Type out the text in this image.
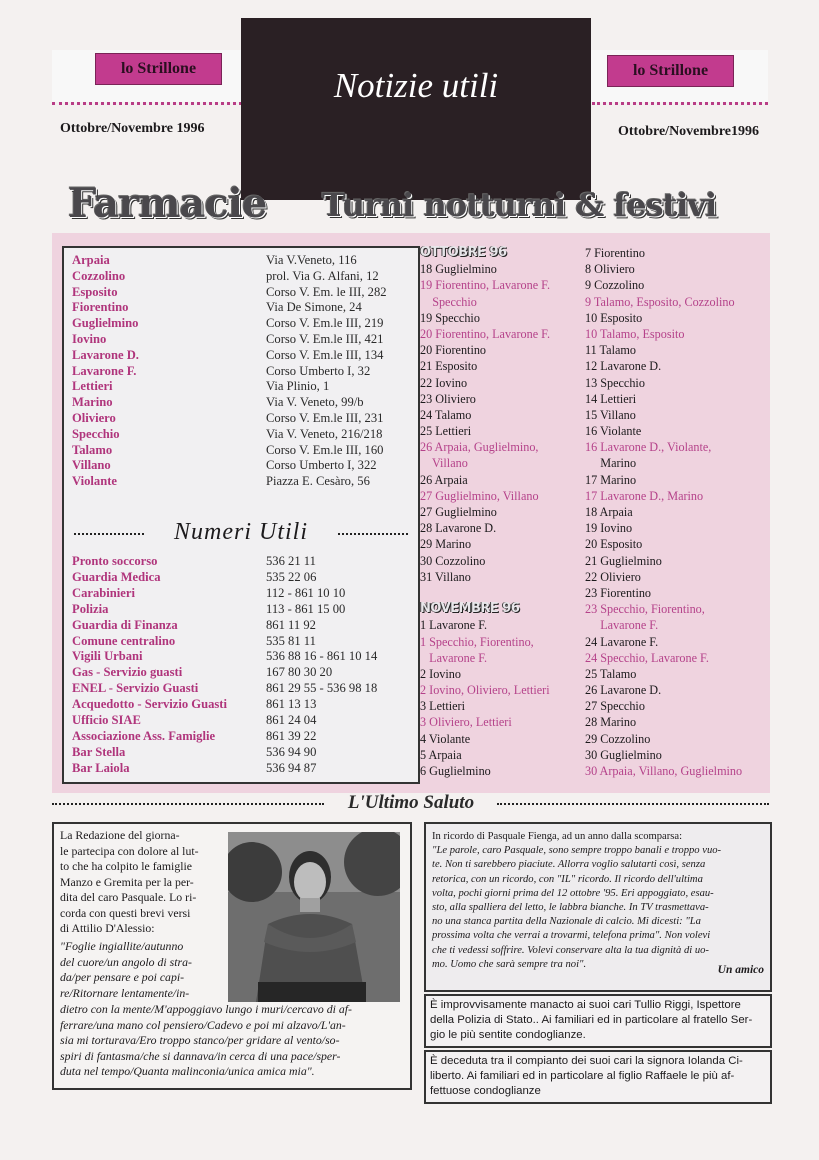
lo Strillone	lo Strillone
Ottobre/Novembre 1996	Ottobre/Novembre1996
Notizie utili
Farmacie Turni notturni & festivi
Arpaia	Via V.Veneto, 116
Cozzolino	prol. Via G. Alfani, 12
Esposito	Corso V. Em. le III, 282
Fiorentino	Via De Simone, 24
Guglielmino	Corso V. Em.le III, 219
Iovino	Corso V. Em.le III, 421
Lavarone D.	Corso V. Em.le III, 134
Lavarone F.	Corso Umberto I, 32
Lettieri	Via Plinio, 1
Marino	Via V. Veneto, 99/b
Oliviero	Corso V. Em.le III, 231
Specchio	Via V. Veneto, 216/218
Talamo	Corso V. Em.le III, 160
Villano	Corso Umberto I, 322
Violante	Piazza E. Cesàro, 56
Numeri Utili
Pronto soccorso	536 21 11
Guardia Medica	535 22 06
Carabinieri	112 - 861 10 10
Polizia	113 - 861 15 00
Guardia di Finanza	861 11 92
Comune centralino	535 81 11
Vigili Urbani	536 88 16 - 861 10 14
Gas - Servizio guasti	167 80 30 20
ENEL - Servizio Guasti	861 29 55 - 536 98 18
Acquedotto - Servizio Guasti	861 13 13
Ufficio SIAE	861 24 04
Associazione Ass. Famiglie	861 39 22
Bar Stella	536 94 90
Bar Laiola	536 94 87
OTTOBRE 96
18 Guglielmino
19 Fiorentino, Lavarone F.
Specchio
19 Specchio
20 Fiorentino, Lavarone F.
20 Fiorentino
21 Esposito
22 Iovino
23 Oliviero
24 Talamo
25 Lettieri
26 Arpaia, Guglielmino,
Villano
26 Arpaia
27 Guglielmino, Villano
27 Guglielmino
28 Lavarone D.
29 Marino
30 Cozzolino
31 Villano
NOVEMBRE 96
1 Lavarone F.
1 Specchio, Fiorentino,
Lavarone F.
2 Iovino
2 Iovino, Oliviero, Lettieri
3 Lettieri
3 Oliviero, Lettieri
4 Violante
5 Arpaia
6 Guglielmino
7 Fiorentino
8 Oliviero
9 Cozzolino
9 Talamo, Esposito, Cozzolino
10 Esposito
10 Talamo, Esposito
11 Talamo
12 Lavarone D.
13 Specchio
14 Lettieri
15 Villano
16 Violante
16 Lavarone D., Violante,
Marino
17 Marino
17 Lavarone D., Marino
18 Arpaia
19 Iovino
20 Esposito
21 Guglielmino
22 Oliviero
23 Fiorentino
23 Specchio, Fiorentino,
Lavarone F.
24 Lavarone F.
24 Specchio, Lavarone F.
25 Talamo
26 Lavarone D.
27 Specchio
28 Marino
29 Cozzolino
30 Guglielmino
30 Arpaia, Villano, Guglielmino
L'Ultimo Saluto
La Redazione del giorna-
le partecipa con dolore al lut-
to che ha colpito le famiglie
Manzo e Gremita per la per-
dita del caro Pasquale. Lo ri-
corda con questi brevi versi
di Attilio D'Alessio:
"Foglie ingiallite/autunno
del cuore/un angolo di stra-
da/per pensare e poi capi-
re/Ritornare lentamente/in-
dietro con la mente/M'appoggiavo lungo i muri/cercavo di af-
ferrare/una mano col pensiero/Cadevo e poi mi alzavo/L'an-
sia mi torturava/Ero troppo stanco/per gridare al vento/so-
spiri di fantasma/che si dannava/in cerca di una pace/sper-
duta nel tempo/Quanta malinconia/unica amica mia".
In ricordo di Pasquale Fienga, ad un anno dalla scomparsa:
"Le parole, caro Pasquale, sono sempre troppo banali e troppo vuo-
te. Non ti sarebbero piaciute. Allorra voglio salutarti così, senza
retorica, con un ricordo, con "IL" ricordo. Il ricordo dell'ultima
volta, pochi giorni prima del 12 ottobre '95. Eri appoggiato, esau-
sto, alla spalliera del letto, le labbra bianche. In TV trasmettava-
no una stanca partita della Nazionale di calcio. Mi dicesti: "La
prossima volta che verrai a trovarmi, telefona prima". Non volevi
che ti vedessi soffrire. Volevi conservare alta la tua dignità di uo-
mo. Uomo che sarà sempre tra noi".	Un amico
È improvvisamente manacto ai suoi cari Tullio Riggi, Ispettore
della Polizia di Stato.. Ai familiari ed in particolare al fratello Ser-
gio le più sentite condoglianze.
È deceduta tra il compianto dei suoi cari la signora Iolanda Ci-
liberto. Ai familiari ed in particolare al figlio Raffaele le più af-
fettuose condoglianze
